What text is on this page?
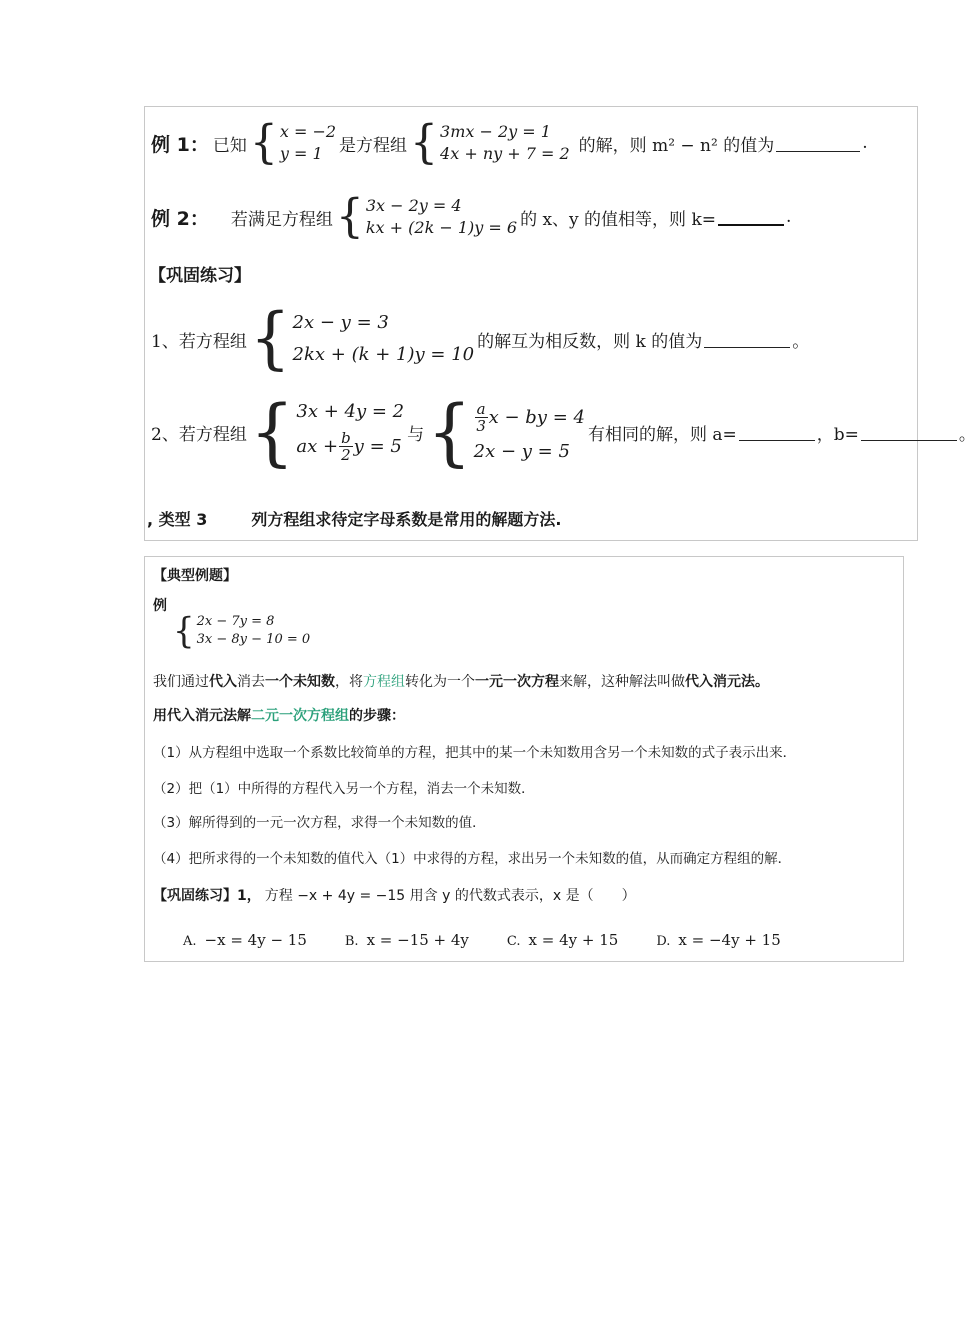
例 1： 已知 { x = −2
y = 1 是方程组 { 3mx − 2y = 1
4x + ny + 7 = 2 的解，则 m² − n² 的值为	.
例 2： 若满足方程组 { 3x − 2y = 4
kx + (2k − 1)y = 6 的 x、y 的值相等，则 k=	.
【巩固练习】
1、若方程组 { 2x − y = 3
2kx + (k + 1)y = 10
的解互为相反数，则 k 的值为	。
2、若方程组 { 3x + 4y = 2
ax + $\frac{b}{2}$ y = 5
与 { $\frac{a}{3}$ x − by = 4
2x − y = 5
有相同的解，则 a=	，b=	。
, 类型 3	列方程组求待定字母系数是常用的解题方法.
【典型例题】
例
{ 2x − 7y = 8
3x − 8y − 10 = 0
我们通过 代入 消去 一个未知数 ，将 方程组 转化为一个 一元一次方程 来解，这种解法叫做 代入消元法 。
用代入消元法解 二元一次方程组 的步骤：
（1）从方程组中选取一个系数比较简单的方程，把其中的某一个未知数用含另一个未知数的式子表示出来．
（2）把（1）中所得的方程代入另一个方程，消去一个未知数．
（3）解所得到的一元一次方程，求得一个未知数的值．
（4）把所求得的一个未知数的值代入（1）中求得的方程，求出另一个未知数的值，从而确定方程组的解．
【巩固练习】1， 方程 −x + 4y = −15 用含 y 的代数式表示，x 是（　　）
A. −x = 4y − 15	B. x = −15 + 4y	C. x = 4y + 15	D. x = −4y + 15
